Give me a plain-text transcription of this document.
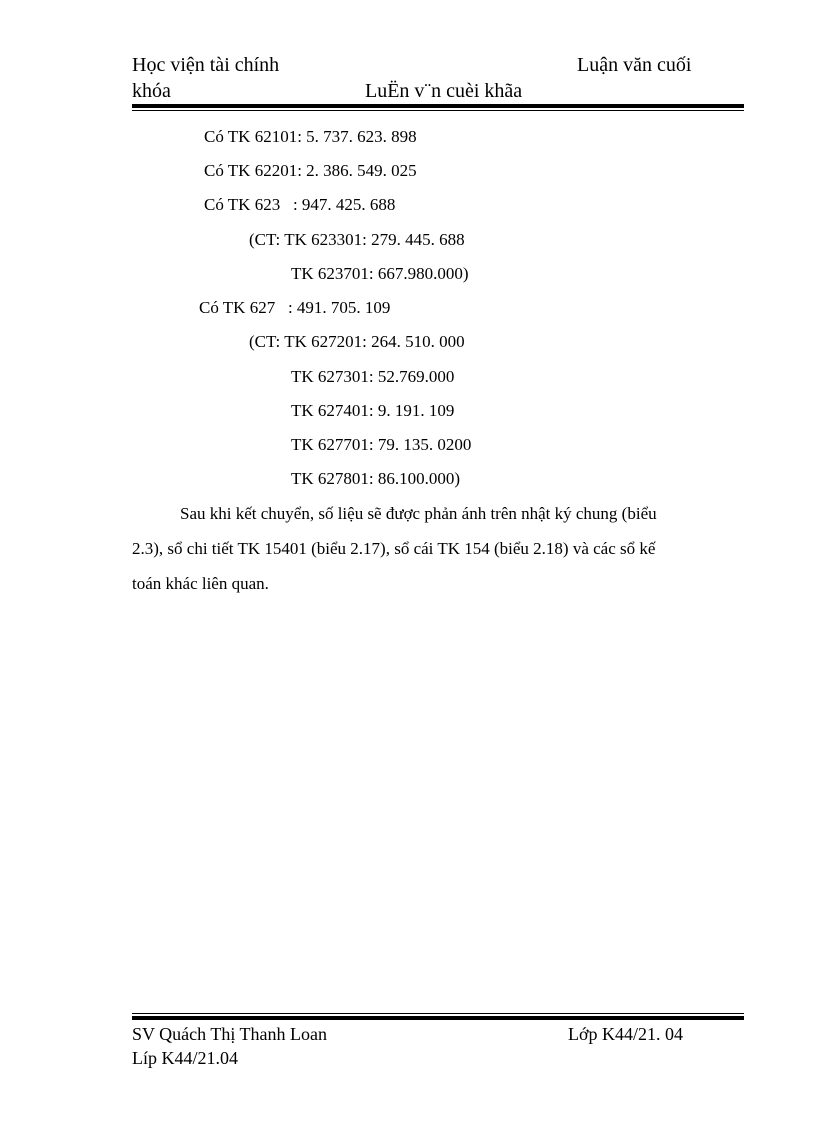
Học viện tài chính	Luận văn cuối
khóa	LuËn v¨n cuèi khãa
Có TK 62101: 5. 737. 623. 898
Có TK 62201: 2. 386. 549. 025
Có TK 623   : 947. 425. 688
(CT: TK 623301: 279. 445. 688
TK 623701: 667.980.000)
Có TK 627   : 491. 705. 109
(CT: TK 627201: 264. 510. 000
TK 627301: 52.769.000
TK 627401: 9. 191. 109
TK 627701: 79. 135. 0200
TK 627801: 86.100.000)
Sau khi kết chuyển, số liệu sẽ được phản ánh trên nhật ký chung (biểu
2.3), sổ chi tiết TK 15401 (biểu 2.17), sổ cái TK 154 (biểu 2.18) và các sổ kế
toán khác liên quan.
SV Quách Thị Thanh Loan	Lớp K44/21. 04
Líp K44/21.04
